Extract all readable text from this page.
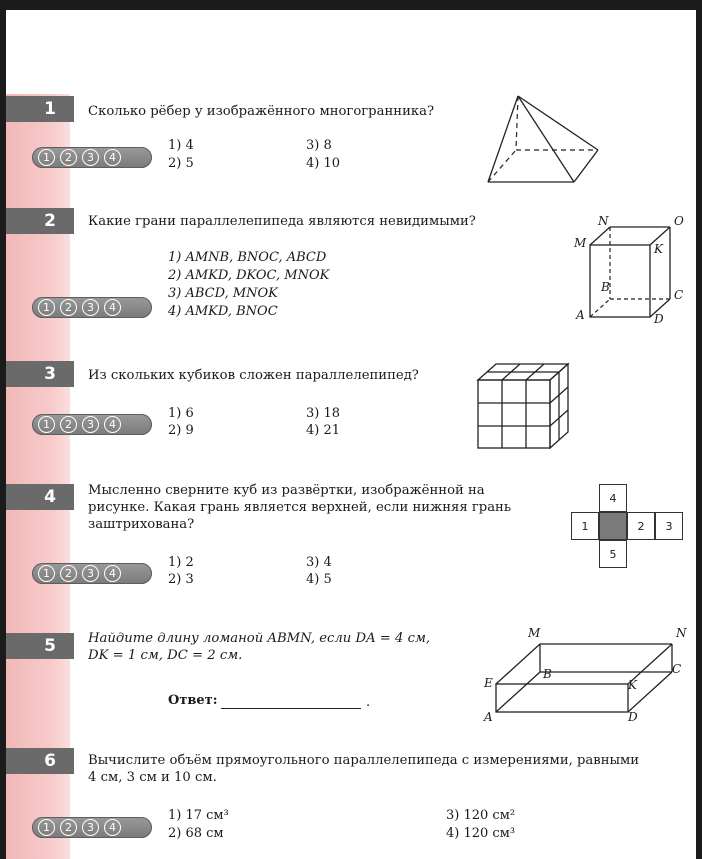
1	Сколько рёбер у изображённого многогранника?
1	2	3	4
1) 4
2) 5
3) 8
4) 10
2	Какие грани параллелепипеда являются невидимыми?
1) AMNB, BNOC, ABCD
2) AMKD, DKOC, MNOK
3) ABCD, MNOK
4) AMKD, BNOC
1	2	3	4
N	O
M	K
B
C
A	D
3	Из скольких кубиков сложен параллелепипед?
1	2	3	4
1) 6
2) 9
3) 18
4) 21
4	Мысленно сверните куб из развёртки, изображённой на
рисунке. Какая грань является верхней, если нижняя грань
заштрихована?
1	2	3	4
1) 2
2) 3
3) 4
4) 5
4
1	2	3
5
5	Найдите длину ломаной ABMN, если DA = 4 см,
DK = 1 см, DC = 2 см.
Ответ:	.
M	N
B	C
E	K
A	D
6	Вычислите объём прямоугольного параллелепипеда с измерениями, равными
4 см, 3 см и 10 см.
1	2	3	4
1) 17 см³
2) 68 см
3) 120 см²
4) 120 см³
